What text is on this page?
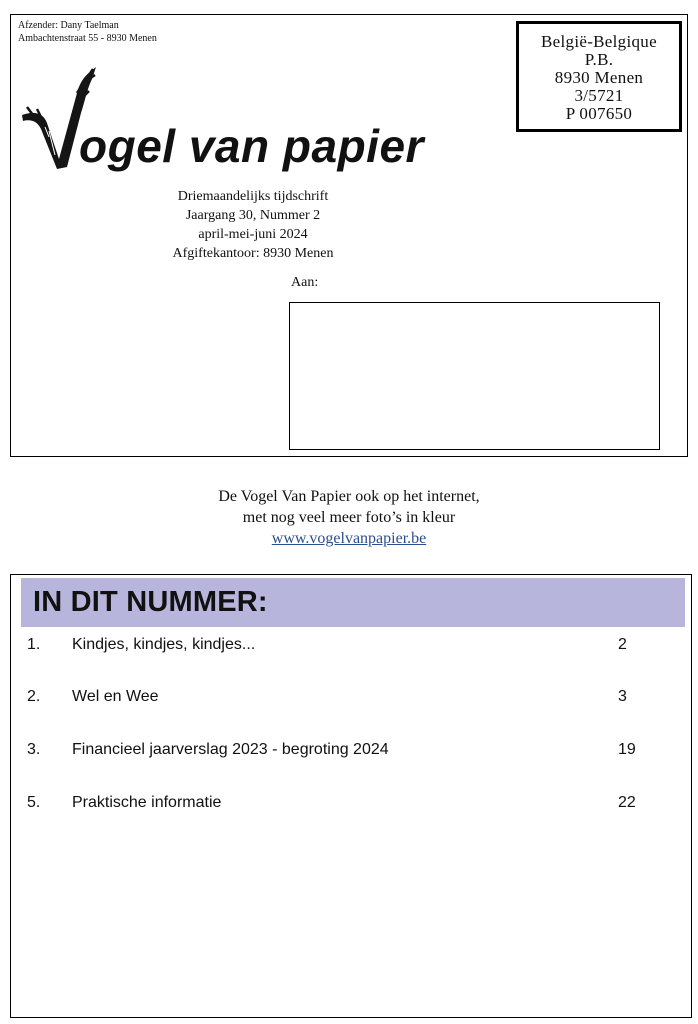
Afzender: Dany Taelman
Ambachtenstraat 55 - 8930 Menen	België-Belgique
P.B.
8930 Menen
3/5721
P 007650
ogel van papier
Driemaandelijks tijdschrift
Jaargang 30, Nummer 2
april-mei-juni 2024
Afgiftekantoor: 8930 Menen
Aan:
De Vogel Van Papier ook op het internet,
met nog veel meer foto’s in kleur
www.vogelvanpapier.be
IN DIT NUMMER:
1. Kindjes, kindjes, kindjes...	2
2. Wel en Wee	3
3. Financieel jaarverslag 2023 - begroting 2024	19
5. Praktische informatie	22
